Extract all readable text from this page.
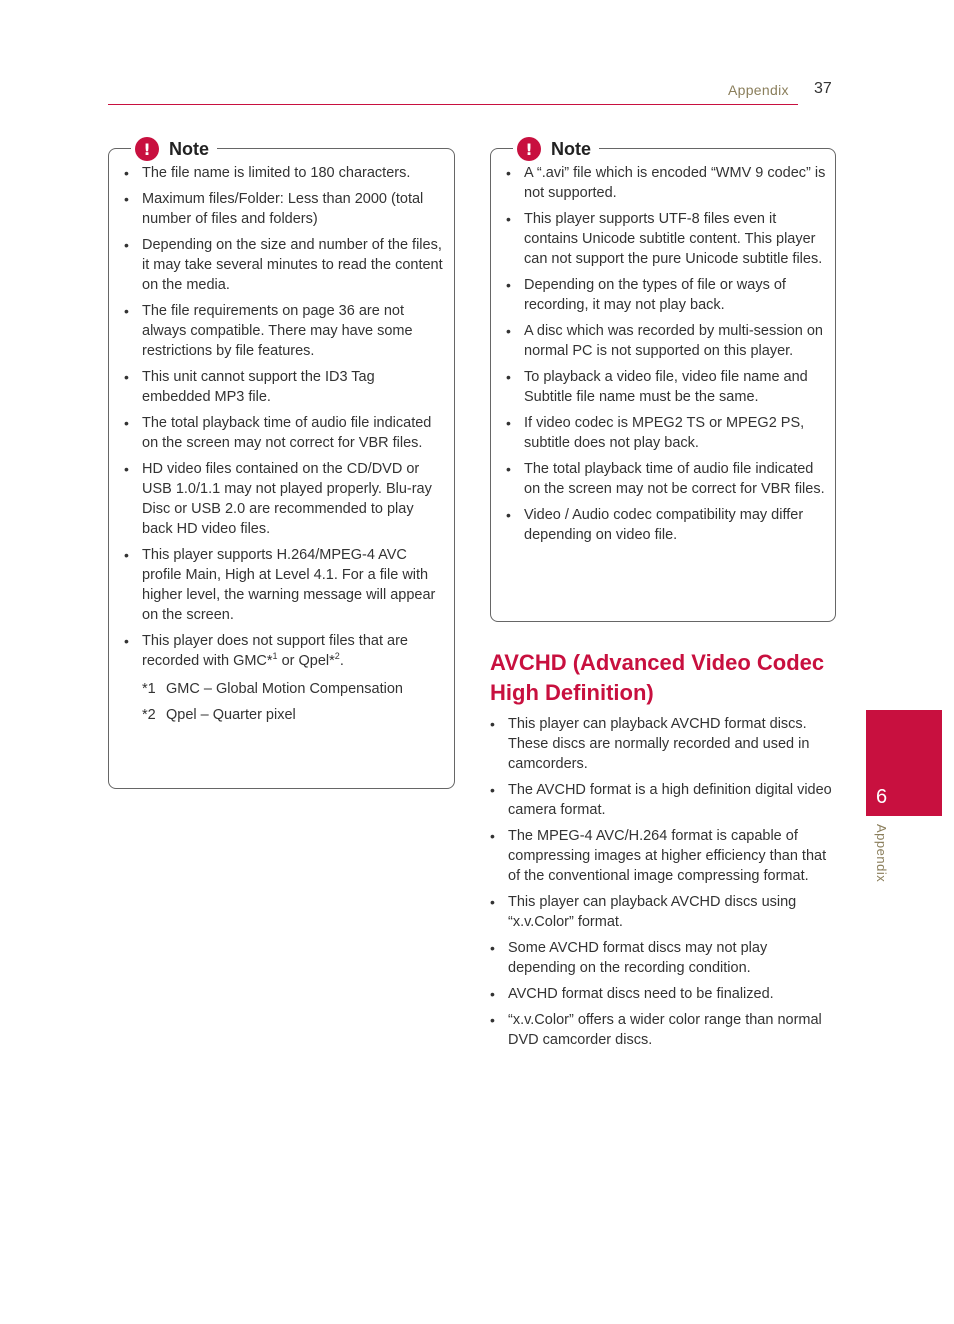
Appendix 37
!	Note
• The file name is limited to 180 characters.
• Maximum files/Folder: Less than 2000 (total number of files and folders)
• Depending on the size and number of the files, it may take several minutes to read the content on the media.
• The file requirements on page 36 are not always compatible. There may have some restrictions by file features.
• This unit cannot support the ID3 Tag embedded MP3 file.
• The total playback time of audio file indicated on the screen may not correct for VBR files.
• HD video files contained on the CD/DVD or USB 1.0/1.1 may not played properly. Blu-ray Disc or USB 2.0 are recommended to play back HD video files.
• This player supports H.264/MPEG-4 AVC profile Main, High at Level 4.1. For a file with higher level, the warning message will appear on the screen.
• This player does not support files that are recorded with GMC*$^1$ or Qpel*$^2$.
*1 GMC – Global Motion Compensation
*2 Qpel – Quarter pixel
!	Note
• A “.avi” file which is encoded “WMV 9 codec” is not supported.
• This player supports UTF-8 files even it contains Unicode subtitle content. This player can not support the pure Unicode subtitle files.
• Depending on the types of file or ways of recording, it may not play back.
• A disc which was recorded by multi-session on normal PC is not supported on this player.
• To playback a video file, video file name and Subtitle file name must be the same.
• If video codec is MPEG2 TS or MPEG2 PS, subtitle does not play back.
• The total playback time of audio file indicated on the screen may not be correct for VBR files.
• Video / Audio codec compatibility may differ depending on video file.
AVCHD (Advanced Video Codec High Definition)
• This player can playback AVCHD format discs. These discs are normally recorded and used in camcorders.
• The AVCHD format is a high definition digital video camera format.
• The MPEG-4 AVC/H.264 format is capable of compressing images at higher efficiency than that of the conventional image compressing format.
• This player can playback AVCHD discs using “x.v.Color” format.
• Some AVCHD format discs may not play depending on the recording condition.
• AVCHD format discs need to be finalized.
• “x.v.Color” offers a wider color range than normal DVD camcorder discs.
6
Appendix
